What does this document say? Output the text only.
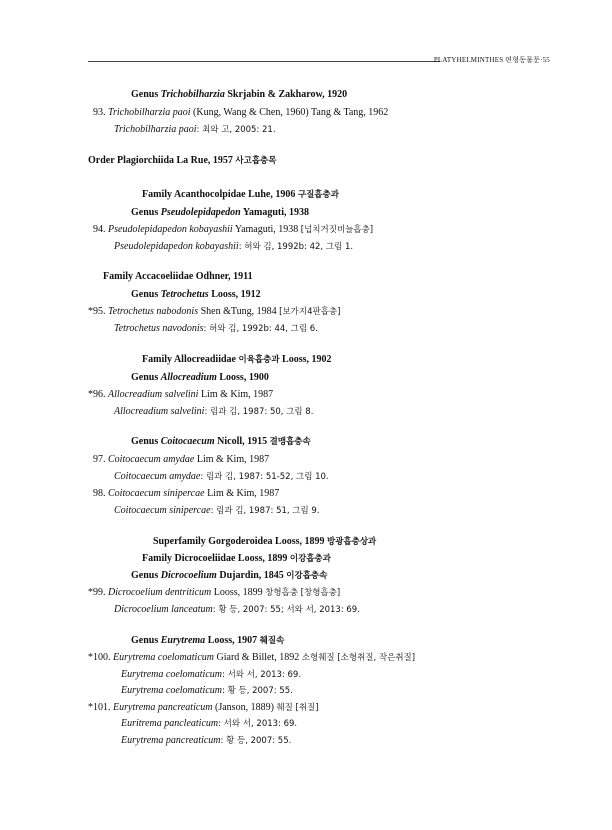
PLATYHELMINTHES 편형동물문·55
Genus Trichobilharzia Skrjabin & Zakharow, 1920
93. Trichobilharzia paoi (Kung, Wang & Chen, 1960) Tang & Tang, 1962
Trichobilharzia paoi: 최와 고, 2005: 21.
Order Plagiorchiida La Rue, 1957 사고흡충목
Family Acanthocolpidae Luhe, 1906 구질흡충과
Genus Pseudolepidapedon Yamaguti, 1938
94. Pseudolepidapedon kobayashii Yamaguti, 1938 [넙치거짓비늘흡충]
Pseudolepidapedon kobayashii: 허와 김, 1992b: 42, 그림 1.
Family Accacoeliidae Odhner, 1911
Genus Tetrochetus Looss, 1912
*95. Tetrochetus nabodonis Shen &Tung, 1984 [보가지4판흡충]
Tetrochetus navodonis: 허와 김, 1992b: 44, 그림 6.
Family Allocreadiidae 이육흡충과 Looss, 1902
Genus Allocreadium Looss, 1900
*96. Allocreadium salvelini Lim & Kim, 1987
Allocreadium salvelini: 림과 김, 1987: 50, 그림 8.
Genus Coitocaecum Nicoll, 1915 결맹흡충속
97. Coitocaecum amydae Lim & Kim, 1987
Coitocaecum amydae: 림과 김, 1987: 51-52, 그림 10.
98. Coitocaecum sinipercae Lim & Kim, 1987
Coitocaecum sinipercae: 림과 김, 1987: 51, 그림 9.
Superfamily Gorgoderoidea Looss, 1899 방광흡충상과
Family Dicrocoeliidae Looss, 1899 이강흡충과
Genus Dicrocoelium Dujardin, 1845 이강흡충속
*99. Dicrocoelium dentriticum Looss, 1899 창형흡충 [창형흡충]
Dicrocoelium lanceatum: 황 등, 2007: 55; 서와 서, 2013: 69.
Genus Eurytrema Looss, 1907 췌질속
*100. Eurytrema coelomaticum Giard & Billet, 1892 소형췌질 [소형취질, 작은취질]
Eurytrema coelomaticum: 서와 서, 2013: 69.
Eurytrema coelomaticum: 황 등, 2007: 55.
*101. Eurytrema pancreaticum (Janson, 1889) 췌질 [취질]
Euritrema pancleaticum: 서와 서, 2013: 69.
Eurytrema pancreaticum: 황 등, 2007: 55.
